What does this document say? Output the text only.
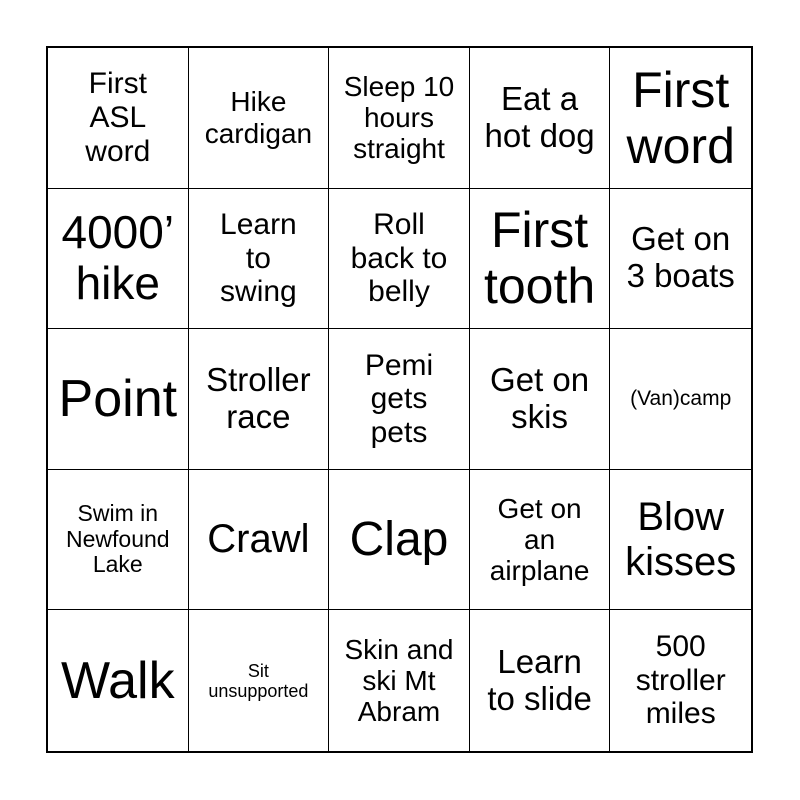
First
ASL
word
Hike
cardigan
Sleep 10
hours
straight
Eat a
hot dog
First
word
4000’
hike
Learn
to
swing
Roll
back to
belly
First
tooth
Get on
3 boats
Point Stroller
race
Pemi
gets
pets
Get on
skis	(Van)camp
Swim in
Newfound
Lake
Crawl Clap
Get on
an
airplane
Blow
kisses
Walk	Sit
unsupported
Skin and
ski Mt
Abram
Learn
to slide
500
stroller
miles
